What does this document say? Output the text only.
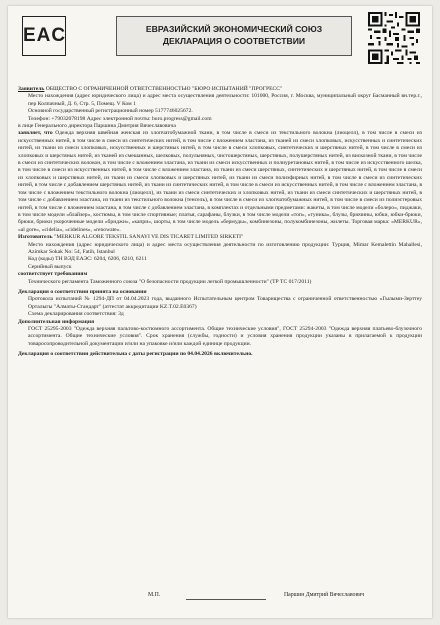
EAC	ЕВРАЗИЙСКИЙ ЭКОНОМИЧЕСКИЙ СОЮЗ
ДЕКЛАРАЦИЯ О СООТВЕТСТВИИ

Заявитель ОБЩЕСТВО С ОГРАНИЧЕННОЙ ОТВЕТСТВЕННОСТЬЮ "БЮРО ИСПЫТАНИЙ "ПРОГРЕСС"

Место нахождения (адрес юридического лица) и адрес места осуществления деятельности: 101000, Россия, г. Москва, муниципальный округ Басманный вн.тер.г., пер Колпачный, Д. 6, Стр. 5, Помещ. V Ком 1

Основной государственный регистрационный номер 5177746025672.

Телефон: +79032078198 Адрес электронной почты: buro.progress@gmail.com

в лице Генерального директора Паршина Дмитрия Вячеславовича

заявляет, что Одежда верхняя швейная женская из хлопчатобумажной ткани, в том числе в смеси из текстильного волокна (лиоцелл), в том числе в смеси из искусственных нитей, в том числе в смеси из синтетических нитей, в том числе с вложением эластана, из тканей из смеси хлопковых, искусственных и синтетических нитей, из ткани из смеси хлопковых, искусственных и шерстяных нитей, в том числе в смеси хлопковых, синтетических и шерстяных нитей, в том числе в смеси из хлопковых и шерстяных нитей, из тканей из смешанных, шелковых, полульняных, чистошерстяных, шерстяных, полушерстяных нитей, из вискозной ткани, в том числе в смеси из синтетических волокон, в том числе с вложением эластана, из ткани из смеси искусственных и полиуретановых нитей, в том числе из искусственного шелка, в том числе в смеси из искусственных нитей, в том числе с вложением эластана, из ткани из смеси шерстяных, синтетических и шерстяных нитей, в том числе в смеси из хлопковых и шерстяных нитей, из ткани из смеси хлопковых и шерстяных нитей, из ткани из смеси полиэфирных нитей, в том числе в смеси из синтетических нитей, в том числе с добавлением шерстяных нитей, из ткани из синтетических нитей, в том числе в смеси из искусственных нитей, в том числе с вложением эластана, в том числе с вложением текстильного волокна (лиоцелл), из ткани из смеси синтетических и хлопковых нитей, из ткани из смеси синтетических и шерстяных нитей, в том числе с добавлением эластана, из ткани из текстильного волокна (тенсель), в том числе в смеси из хлопчатобумажных нитей, в том числе в смеси из полиэстеровых нитей, в том числе с вложением эластана, в том числе с добавлением эластана, в комплектах и отдельными предметами: жакеты, в том числе модели «болеро», пиджаки, в том числе модели «блайзер», костюмы, в том числе спортивные; платья, сарафаны, блузки, в том числе модели «топ», «туника», блузы, брючины, юбки, юбки-брюки, брюки, брюки укороченные модели «бриджи», «капри», шорты, в том числе модель «бермуды», комбинезоны, полукомбинезоны, жилеты. Торговая марка: «MERKUR», «al gore», «cidelia», «cidelines», «renowate».

Изготовитель "MERKUR ALGORE TEKSTIL SANAYI VE DIS TICARET LIMITED SIRKETI"

Место нахождения (адрес юридического лица) и адрес места осуществления деятельности по изготовлению продукции: Турция, Mimar Kemalettin Mahallesi, Azimkar Sokak No: 54, Fatih, Istanbul

Код (коды) ТН ВЭД ЕАЭС: 6204, 6206, 6210, 6211

Серийный выпуск

соответствует требованиям

Технического регламента Таможенного союза "О безопасности продукции легкой промышленности" (ТР ТС 017/2011)

Декларация о соответствии принята на основании

Протокола испытаний № 1294-ДП от 04.04.2023 года, выданного Испытательным центром Товарищества с ограниченной ответственностью «Гылыми-Зерттеу Орталыгы "Алматы-Стандарт" (аттестат аккредитации KZ.T.02.E0367)

Схема декларирования соответствия: 3д

Дополнительная информация

ГОСТ 25295-2003 "Одежда верхняя пальтово-костюмного ассортимента. Общие технические условия", ГОСТ 25294-2003 "Одежда верхняя платьево-блузочного ассортимента. Общие технические условия". Срок хранения (службы, годности) и условия хранения продукции указаны в прилагаемой к продукции товаросопроводительной документации и/или на упаковке и/или каждой единице продукции.

Декларация о соответствии действительна с даты регистрации по 04.04.2026 включительно.

М.П.	Паршин Дмитрий Вячеславович
